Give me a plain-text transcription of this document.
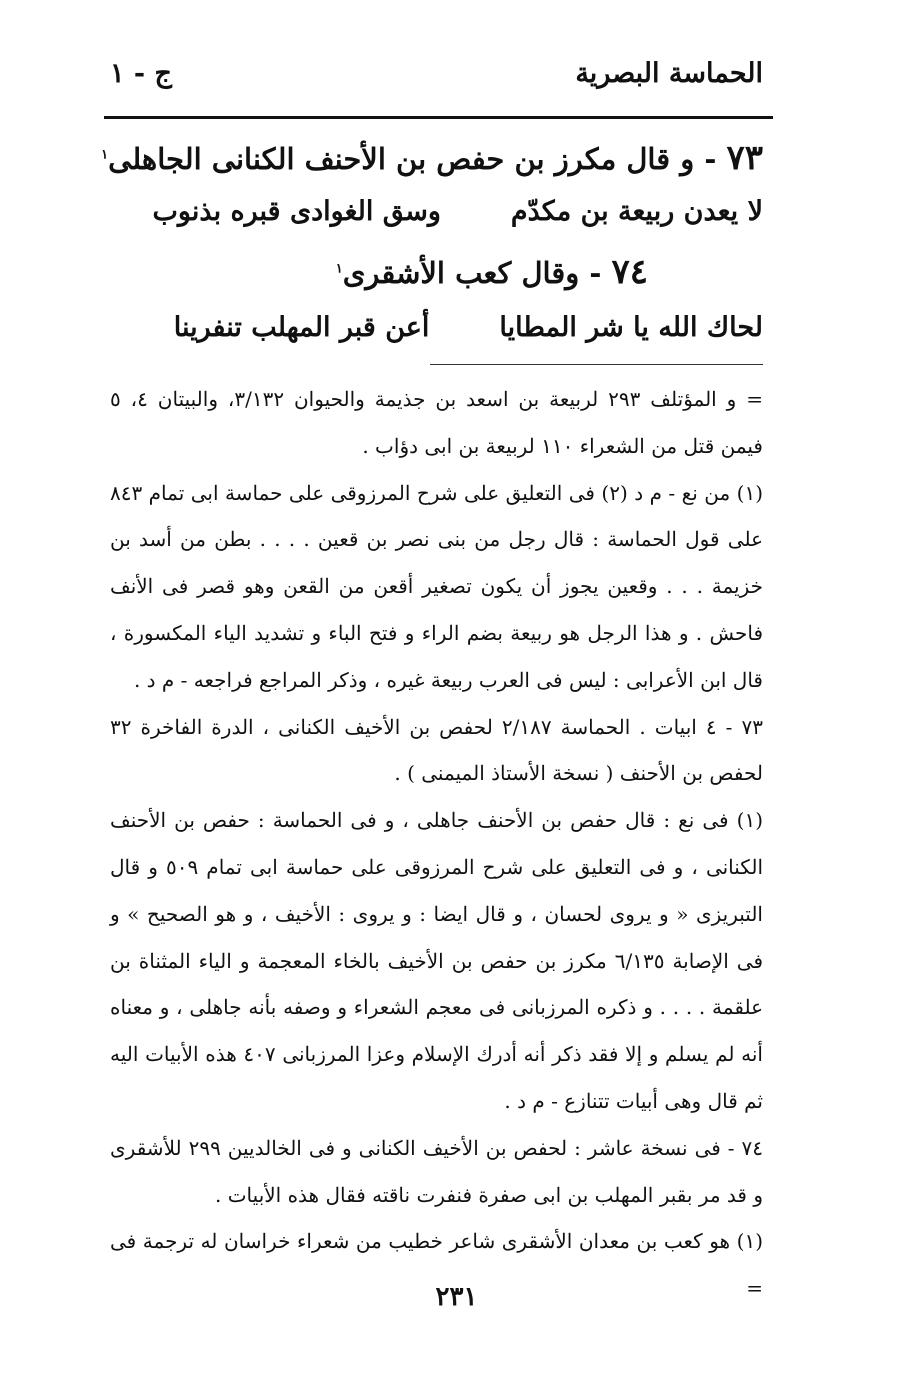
الحماسة البصرية
ج - ١
٧٣ - و قال مكرز بن حفص بن الأحنف الكنانى الجاهلى$^١$
لا يعدن ربيعة بن مكدّم
وسق الغوادى قبره بذنوب
٧٤ - وقال كعب الأشقرى$^١$
لحاك الله يا شر المطايا
أعن قبر المهلب تنفرينا

= و المؤتلف ٢٩٣ لربيعة بن اسعد بن جذيمة والحيوان ٣/١٣٢، والبيتان ٤، ٥ فيمن قتل من الشعراء ١١٠ لربيعة بن ابى دؤاب .

(١) من نع - م د (٢) فى التعليق على شرح المرزوقى على حماسة ابى تمام ٨٤٣ على قول الحماسة : قال رجل من بنى نصر بن قعين . . . . بطن من أسد بن خزيمة . . . وقعين يجوز أن يكون تصغير أقعن من القعن وهو قصر فى الأنف فاحش . و هذا الرجل هو ربيعة بضم الراء و فتح الباء و تشديد الياء المكسورة ، قال ابن الأعرابى : ليس فى العرب ربيعة غيره ، وذكر المراجع فراجعه - م د .

٧٣ - ٤ ابيات . الحماسة ٢/١٨٧ لحفص بن الأخيف الكنانى ، الدرة الفاخرة ٣٢ لحفص بن الأحنف ( نسخة الأستاذ الميمنى ) .

(١) فى نع : قال حفص بن الأحنف جاهلى ، و فى الحماسة : حفص بن الأحنف الكنانى ، و فى التعليق على شرح المرزوقى على حماسة ابى تمام ٥٠٩ و قال التبريزى « و يروى لحسان ، و قال ايضا : و يروى : الأخيف ، و هو الصحيح » و فى الإصابة ٦/١٣٥ مكرز بن حفص بن الأخيف بالخاء المعجمة و الياء المثناة بن علقمة . . . . و ذكره المرزبانى فى معجم الشعراء و وصفه بأنه جاهلى ، و معناه أنه لم يسلم و إلا فقد ذكر أنه أدرك الإسلام وعزا المرزبانى ٤٠٧ هذه الأبيات اليه ثم قال وهى أبيات تتنازع - م د .

٧٤ - فى نسخة عاشر : لحفص بن الأخيف الكنانى و فى الخالديين ٢٩٩ للأشقرى و قد مر بقبر المهلب بن ابى صفرة فنفرت ناقته فقال هذه الأبيات .

(١) هو كعب بن معدان الأشقرى شاعر خطيب من شعراء خراسان له ترجمة فى =

٢٣١
